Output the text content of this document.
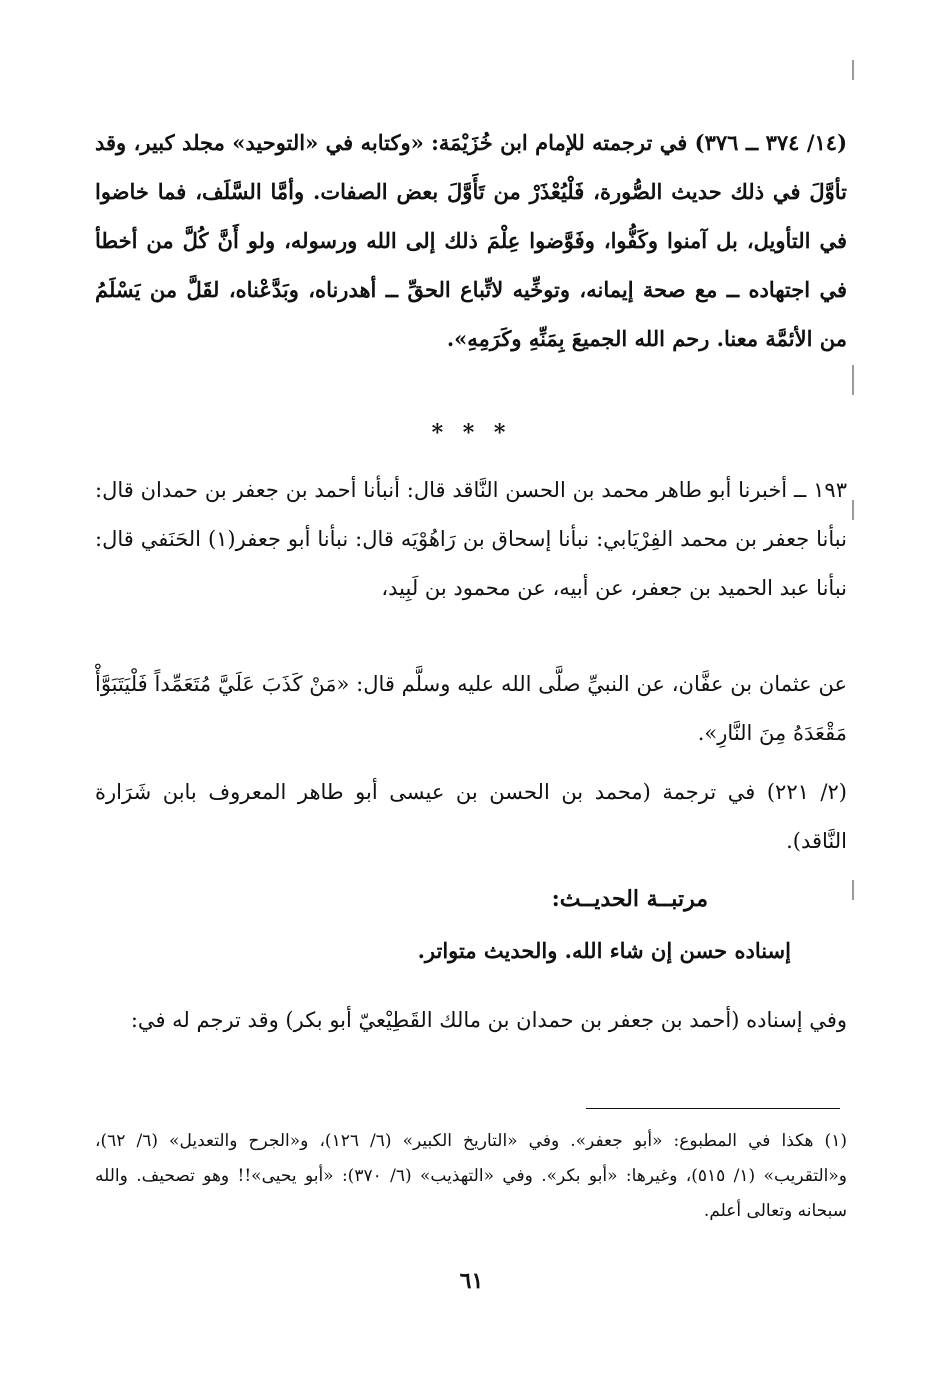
(١٤/ ٣٧٤ ــ ٣٧٦) في ترجمته للإمام ابن خُزَيْمَة: «وكتابه في «التوحيد» مجلد كبير، وقد تأوَّلَ في ذلك حديث الصُّورة، فَلْيُعْذَرْ من تَأَوَّلَ بعض الصفات. وأمَّا السَّلَف، فما خاضوا في التأويل، بل آمنوا وكَفُّوا، وفَوَّضوا عِلْمَ ذلك إلى الله ورسوله، ولو أَنَّ كُلَّ من أخطأ في اجتهاده ــ مع صحة إيمانه، وتوخِّيه لاتِّباع الحقِّ ــ أهدرناه، وبَدَّعْناه، لقَلَّ من يَسْلَمُ من الأئمَّة معنا. رحم الله الجميعَ بِمَنِّهِ وكَرَمِهِ».

* * *

١٩٣ ــ أخبرنا أبو طاهر محمد بن الحسن النَّاقد قال: أنبأنا أحمد بن جعفر بن حمدان قال: نبأنا جعفر بن محمد الفِرْيَابي: نبأنا إسحاق بن رَاهُوْيَه قال: نبأنا أبو جعفر(١) الحَنَفي قال: نبأنا عبد الحميد بن جعفر، عن أبيه، عن محمود بن لَبِيد،

عن عثمان بن عفَّان، عن النبيِّ صلَّى الله عليه وسلَّم قال: «مَنْ كَذَبَ عَلَيَّ مُتَعَمِّداً فَلْيَتَبَوَّأْ مَقْعَدَهُ مِنَ النَّارِ».

(٢/ ٢٢١) في ترجمة (محمد بن الحسن بن عيسى أبو طاهر المعروف بابن شَرَارة النَّاقد).

مرتبــة الحديــث:

إسناده حسن إن شاء الله. والحديث متواتر.

وفي إسناده (أحمد بن جعفر بن حمدان بن مالك القَطِيْعيّ أبو بكر) وقد ترجم له في:

(١) هكذا في المطبوع: «أبو جعفر». وفي «التاريخ الكبير» (٦/ ١٢٦)، و«الجرح والتعديل» (٦/ ٦٢)، و«التقريب» (١/ ٥١٥)، وغيرها: «أبو بكر». وفي «التهذيب» (٦/ ٣٧٠): «أبو يحيى»!! وهو تصحيف. والله سبحانه وتعالى أعلم.

٦١
